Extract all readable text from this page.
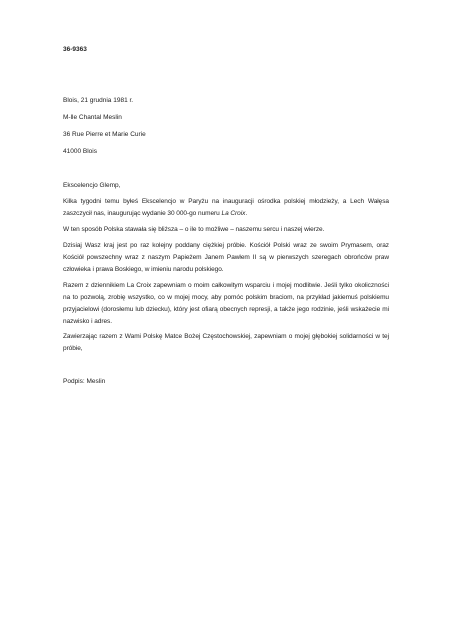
36-9363

Blois, 21 grudnia 1981 r.

M-lle Chantal Meslin

36 Rue Pierre et Marie Curie

41000 Blois

Ekscelencjo Glemp,

Kilka tygodni temu byłeś Ekscelencjo w Paryżu na inauguracji ośrodka polskiej młodzieży, a Lech Wałęsa zaszczycił nas, inaugurując wydanie 30 000-go numeru La Croix.

W ten sposób Polska stawała się bliższa – o ile to możliwe – naszemu sercu i naszej wierze.

Dzisiaj Wasz kraj jest po raz kolejny poddany ciężkiej próbie. Kościół Polski wraz ze swoim Prymasem, oraz Kościół powszechny wraz z naszym Papieżem Janem Pawłem II są w pierwszych szeregach obrońców praw człowieka i prawa Boskiego, w imieniu narodu polskiego.

Razem z dziennikiem La Croix zapewniam o moim całkowitym wsparciu i mojej modlitwie. Jeśli tylko okoliczności na to pozwolą, zrobię wszystko, co w mojej mocy, aby pomóc polskim braciom, na przykład jakiemuś polskiemu przyjacielowi (dorosłemu lub dziecku), który jest ofiarą obecnych represji, a także jego rodzinie, jeśli wskażecie mi nazwisko i adres.

Zawierzając razem z Wami Polskę Matce Bożej Częstochowskiej, zapewniam o mojej głębokiej solidarności w tej próbie,

Podpis: Meslin
